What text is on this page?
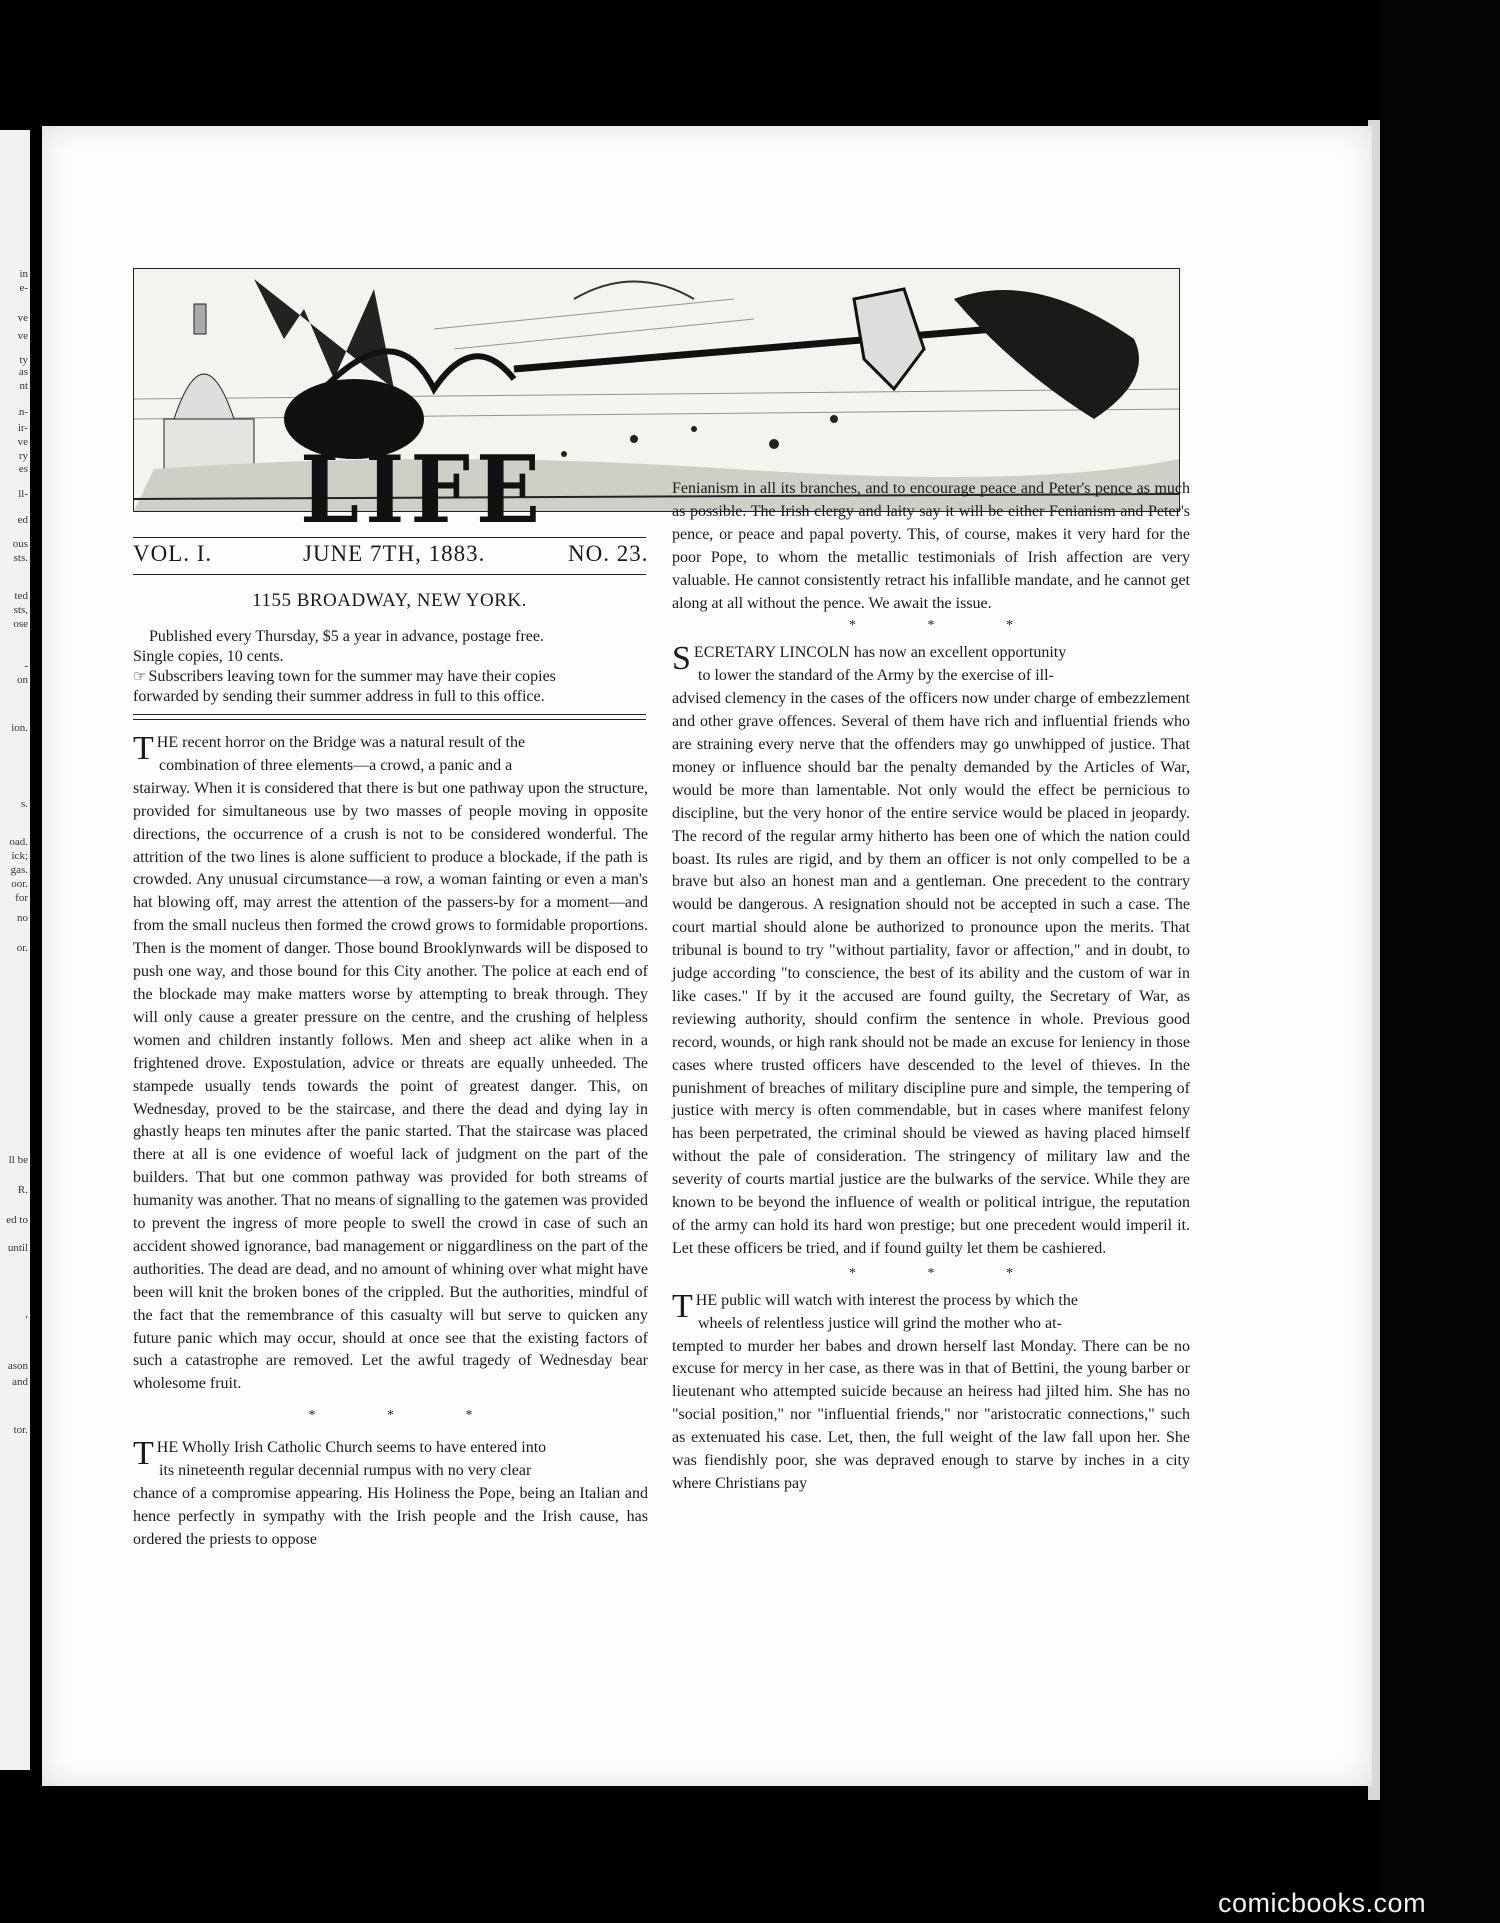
in
e-
ve
ve
ty
as
nt
n-
ir-
ve
ry
es
ll-
ed
ous
sts.
ted
sts,
ose
-
on
ion.
s.
oad.
ick;
gas.
oor.
for
no
or.
ll be
R.
ed to
until
,
ason
and
tor.
LIFE
VOL. I.	JUNE 7TH, 1883.	NO. 23.
1155 BROADWAY, NEW YORK.

Published every Thursday, $5 a year in advance, postage free.

Single copies, 10 cents.

☞ Subscribers leaving town for the summer may have their copies

forwarded by sending their summer address in full to this office.

T HE recent horror on the Bridge was a natural result of the

combination of three elements—a crowd, a panic and a

stairway. When it is considered that there is but one pathway upon the structure, provided for simultaneous use by two masses of people moving in opposite directions, the occurrence of a crush is not to be considered wonderful. The attrition of the two lines is alone sufficient to produce a blockade, if the path is crowded. Any unusual circumstance—a row, a woman fainting or even a man's hat blowing off, may arrest the attention of the passers-by for a moment—and from the small nucleus then formed the crowd grows to formidable proportions. Then is the moment of danger. Those bound Brooklynwards will be disposed to push one way, and those bound for this City another. The police at each end of the blockade may make matters worse by attempting to break through. They will only cause a greater pressure on the centre, and the crushing of helpless women and children instantly follows. Men and sheep act alike when in a frightened drove. Expostulation, advice or threats are equally unheeded. The stampede usually tends towards the point of greatest danger. This, on Wednesday, proved to be the staircase, and there the dead and dying lay in ghastly heaps ten minutes after the panic started. That the staircase was placed there at all is one evidence of woeful lack of judgment on the part of the builders. That but one common pathway was provided for both streams of humanity was another. That no means of signalling to the gatemen was provided to prevent the ingress of more people to swell the crowd in case of such an accident showed ignorance, bad management or niggardliness on the part of the authorities. The dead are dead, and no amount of whining over what might have been will knit the broken bones of the crippled. But the authorities, mindful of the fact that the remembrance of this casualty will but serve to quicken any future panic which may occur, should at once see that the existing factors of such a catastrophe are removed. Let the awful tragedy of Wednesday bear wholesome fruit.

* * *
T HE Wholly Irish Catholic Church seems to have entered into

its nineteenth regular decennial rumpus with no very clear

chance of a compromise appearing. His Holiness the Pope, being an Italian and hence perfectly in sympathy with the Irish people and the Irish cause, has ordered the priests to oppose

Fenianism in all its branches, and to encourage peace and Peter's pence as much as possible. The Irish clergy and laity say it will be either Fenianism and Peter's pence, or peace and papal poverty. This, of course, makes it very hard for the poor Pope, to whom the metallic testimonials of Irish affection are very valuable. He cannot consistently retract his infallible mandate, and he cannot get along at all without the pence. We await the issue.

* * *
S ECRETARY LINCOLN has now an excellent opportunity

to lower the standard of the Army by the exercise of ill-

advised clemency in the cases of the officers now under charge of embezzlement and other grave offences. Several of them have rich and influential friends who are straining every nerve that the offenders may go unwhipped of justice. That money or influence should bar the penalty demanded by the Articles of War, would be more than lamentable. Not only would the effect be pernicious to discipline, but the very honor of the entire service would be placed in jeopardy. The record of the regular army hitherto has been one of which the nation could boast. Its rules are rigid, and by them an officer is not only compelled to be a brave but also an honest man and a gentleman. One precedent to the contrary would be dangerous. A resignation should not be accepted in such a case. The court martial should alone be authorized to pronounce upon the merits. That tribunal is bound to try "without partiality, favor or affection," and in doubt, to judge according "to conscience, the best of its ability and the custom of war in like cases." If by it the accused are found guilty, the Secretary of War, as reviewing authority, should confirm the sentence in whole. Previous good record, wounds, or high rank should not be made an excuse for leniency in those cases where trusted officers have descended to the level of thieves. In the punishment of breaches of military discipline pure and simple, the tempering of justice with mercy is often commendable, but in cases where manifest felony has been perpetrated, the criminal should be viewed as having placed himself without the pale of consideration. The stringency of military law and the severity of courts martial justice are the bulwarks of the service. While they are known to be beyond the influence of wealth or political intrigue, the reputation of the army can hold its hard won prestige; but one precedent would imperil it. Let these officers be tried, and if found guilty let them be cashiered.

* * *
T HE public will watch with interest the process by which the

wheels of relentless justice will grind the mother who at-

tempted to murder her babes and drown herself last Monday. There can be no excuse for mercy in her case, as there was in that of Bettini, the young barber or lieutenant who attempted suicide because an heiress had jilted him. She has no "social position," nor "influential friends," nor "aristocratic connections," such as extenuated his case. Let, then, the full weight of the law fall upon her. She was fiendishly poor, she was depraved enough to starve by inches in a city where Christians pay

comicbooks.com
